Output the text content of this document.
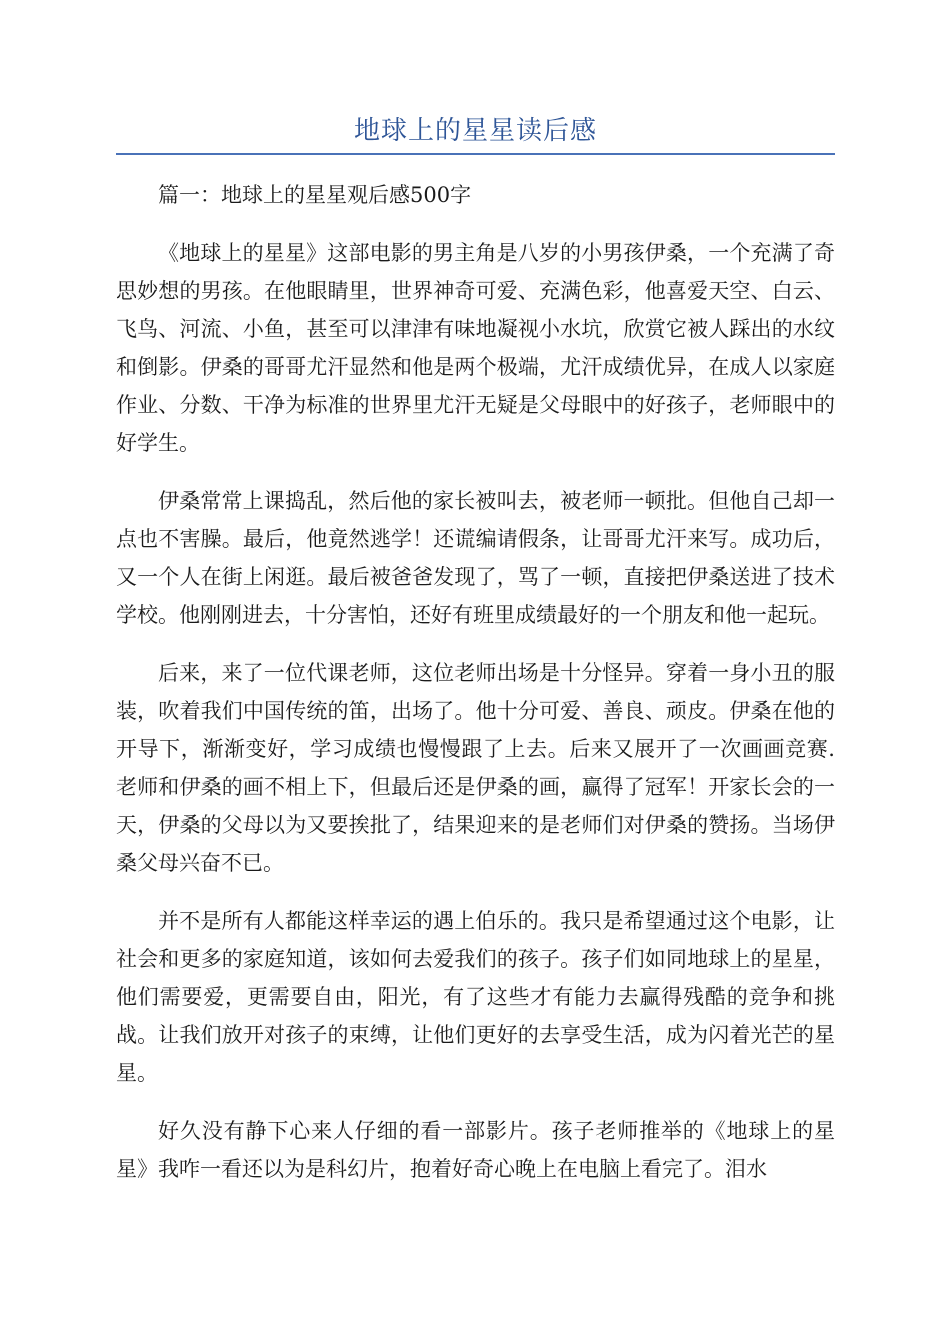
地球上的星星读后感

篇一：地球上的星星观后感500字

《地球上的星星》这部电影的男主角是八岁的小男孩伊桑，一个充满了奇思妙想的男孩。在他眼睛里，世界神奇可爱、充满色彩，他喜爱天空、白云、飞鸟、河流、小鱼，甚至可以津津有味地凝视小水坑，欣赏它被人踩出的水纹和倒影。伊桑的哥哥尤汗显然和他是两个极端，尤汗成绩优异，在成人以家庭作业、分数、干净为标准的世界里尤汗无疑是父母眼中的好孩子，老师眼中的好学生。

伊桑常常上课捣乱，然后他的家长被叫去，被老师一顿批。但他自己却一点也不害臊。最后，他竟然逃学！还谎编请假条，让哥哥尤汗来写。成功后，又一个人在街上闲逛。最后被爸爸发现了，骂了一顿，直接把伊桑送进了技术学校。他刚刚进去，十分害怕，还好有班里成绩最好的一个朋友和他一起玩。

后来，来了一位代课老师，这位老师出场是十分怪异。穿着一身小丑的服装，吹着我们中国传统的笛，出场了。他十分可爱、善良、顽皮。伊桑在他的开导下，渐渐变好，学习成绩也慢慢跟了上去。后来又展开了一次画画竞赛.老师和伊桑的画不相上下，但最后还是伊桑的画，赢得了冠军！开家长会的一天，伊桑的父母以为又要挨批了，结果迎来的是老师们对伊桑的赞扬。当场伊桑父母兴奋不已。

并不是所有人都能这样幸运的遇上伯乐的。我只是希望通过这个电影，让社会和更多的家庭知道，该如何去爱我们的孩子。孩子们如同地球上的星星，他们需要爱，更需要自由，阳光，有了这些才有能力去赢得残酷的竞争和挑战。让我们放开对孩子的束缚，让他们更好的去享受生活，成为闪着光芒的星星。

好久没有静下心来人仔细的看一部影片。孩子老师推举的《地球上的星星》我咋一看还以为是科幻片，抱着好奇心晚上在电脑上看完了。泪水
